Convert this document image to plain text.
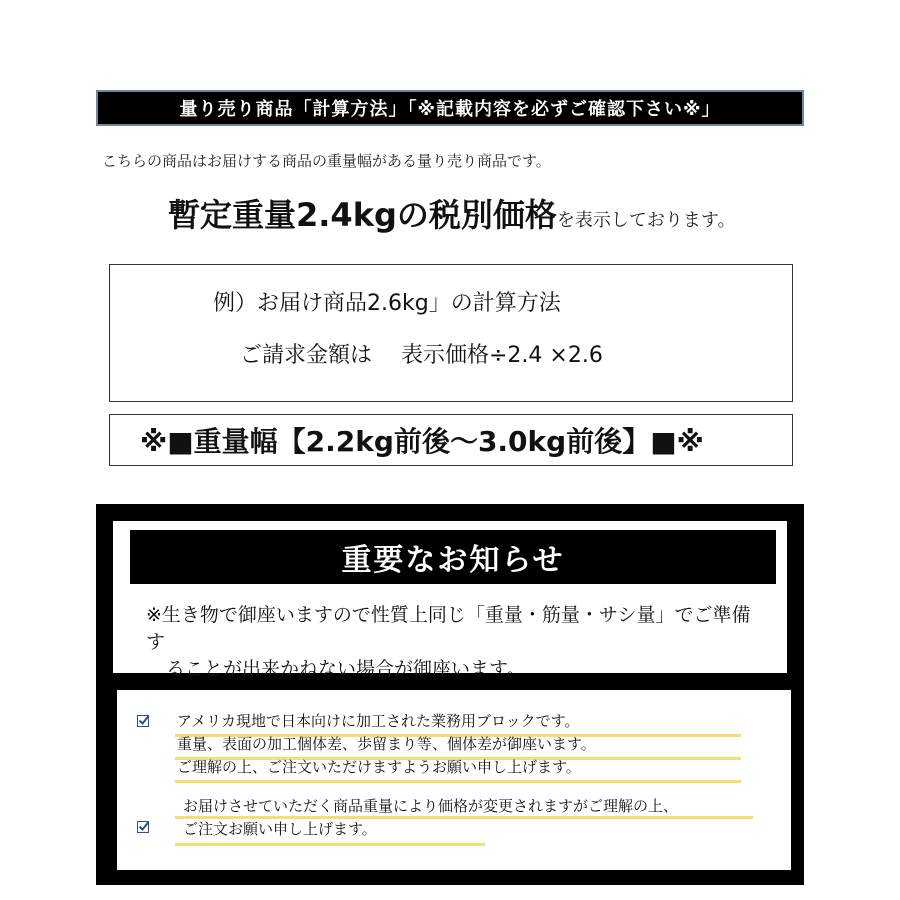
量り売り商品「計算方法」「※記載内容を必ずご確認下さい※」
こちらの商品はお届けする商品の重量幅がある量り売り商品です。
暫定重量2.4kgの税別価格を表示しております。
例）お届け商品2.6kg」の計算方法
ご請求金額は　 表示価格÷2.4 ×2.6
※■重量幅【2.2kg前後～3.0kg前後】■※
重要なお知らせ
※生き物で御座いますので性質上同じ「重量・筋量・サシ量」でご準備す
ることが出来かねない場合が御座います。
アメリカ現地で日本向けに加工された業務用ブロックです。
重量、表面の加工個体差、歩留まり等、個体差が御座います。
ご理解の上、ご注文いただけますようお願い申し上げます。
お届けさせていただく商品重量により価格が変更されますがご理解の上、
ご注文お願い申し上げます。
